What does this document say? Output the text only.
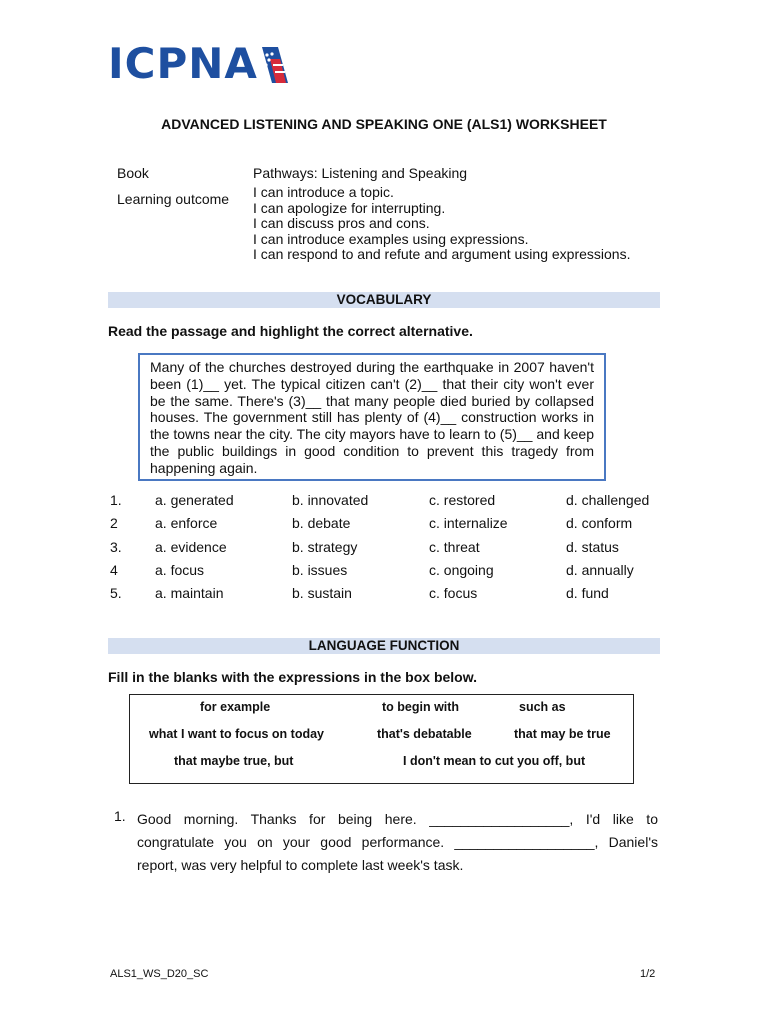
ICPNA
ADVANCED LISTENING AND SPEAKING ONE (ALS1) WORKSHEET
Book	Pathways: Listening and Speaking
Learning outcome I can introduce a topic.
I can apologize for interrupting.
I can discuss pros and cons.
I can introduce examples using expressions.
I can respond to and refute and argument using expressions.
VOCABULARY
Read the passage and highlight the correct alternative.
Many of the churches destroyed during the earthquake in 2007 haven't been (1)__ yet. The typical citizen can't (2)__ that their city won't ever be the same. There's (3)__ that many people died buried by collapsed houses. The government still has plenty of (4)__ construction works in the towns near the city. The city mayors have to learn to (5)__ and keep the public buildings in good condition to prevent this tragedy from happening again.
1. a. generated	b. innovated	c. restored	d. challenged
2	a. enforce	b. debate	c. internalize	d. conform
3. a. evidence	b. strategy	c. threat	d. status
4	a. focus	b. issues	c. ongoing	d. annually
5. a. maintain	b. sustain	c. focus	d. fund
LANGUAGE FUNCTION
Fill in the blanks with the expressions in the box below.
for example	to begin with	such as
what I want to focus on today	that's debatable	that may be true
that maybe true, but	I don't mean to cut you off, but
1. Good morning. Thanks for being here. __________________, I'd like to congratulate you on your good performance. __________________, Daniel's report, was very helpful to complete last week's task.
ALS1_WS_D20_SC	1/2
